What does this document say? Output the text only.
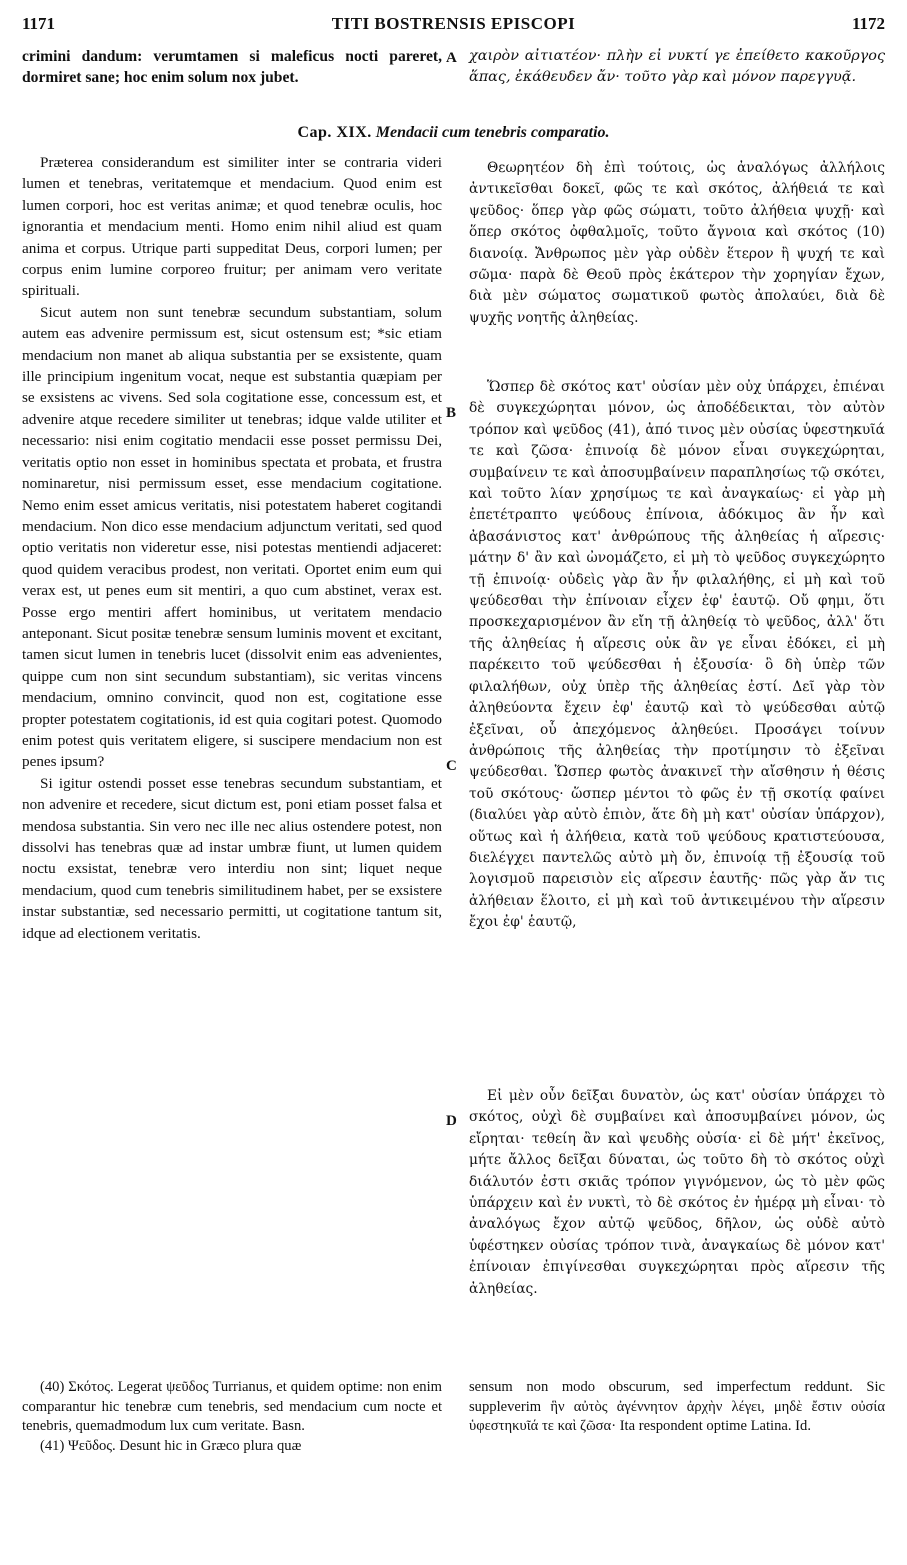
1171	TITI BOSTRENSIS EPISCOPI	1172

crimini dandum: verumtamen si maleficus nocti pareret, dormiret sane; hoc enim solum nox jubet.

χαιρὸν αἰτιατέον· πλὴν εἰ νυκτί γε ἐπείθετο κακοῦργος ἅπας, ἐκάθευδεν ἄν· τοῦτο γὰρ καὶ μόνον παρεγγυᾷ.

A
Cap. XIX. Mendacii cum tenebris comparatio.

Præterea considerandum est similiter inter se contraria videri lumen et tenebras, veritatemque et mendacium. Quod enim est lumen corpori, hoc est veritas animæ; et quod tenebræ oculis, hoc ignorantia et mendacium menti. Homo enim nihil aliud est quam anima et corpus. Utrique parti suppeditat Deus, corpori lumen; per corpus enim lumine corporeo fruitur; per animam vero veritate spirituali.

Sicut autem non sunt tenebræ secundum substantiam, solum autem eas advenire permissum est, sicut ostensum est; *sic etiam mendacium non manet ab aliqua substantia per se exsistente, quam ille principium ingenitum vocat, neque est substantia quæpiam per se exsistens ac vivens. Sed sola cogitatione esse, concessum est, et advenire atque recedere similiter ut tenebras; idque valde utiliter et necessario: nisi enim cogitatio mendacii esse posset permissu Dei, veritatis optio non esset in hominibus spectata et probata, et frustra nominaretur, nisi permissum esset, esse mendacium cogitatione. Nemo enim esset amicus veritatis, nisi potestatem haberet cogitandi mendacium. Non dico esse mendacium adjunctum veritati, sed quod optio veritatis non videretur esse, nisi potestas mentiendi adjaceret: quod quidem veracibus prodest, non veritati. Oportet enim eum qui verax est, ut penes eum sit mentiri, a quo cum abstinet, verax est. Posse ergo mentiri affert hominibus, ut veritatem mendacio anteponant. Sicut positæ tenebræ sensum luminis movent et excitant, tamen sicut lumen in tenebris lucet (dissolvit enim eas advenientes, quippe cum non sint secundum substantiam), sic veritas vincens mendacium, omnino convincit, quod non est, cogitatione esse propter potestatem cogitationis, id est quia cogitari potest. Quomodo enim potest quis veritatem eligere, si suscipere mendacium non est penes ipsum?

Si igitur ostendi posset esse tenebras secundum substantiam, et non advenire et recedere, sicut dictum est, poni etiam posset falsa et mendosa substantia. Sin vero nec ille nec alius ostendere potest, non dissolvi has tenebras quæ ad instar umbræ fiunt, ut lumen quidem noctu exsistat, tenebræ vero interdiu non sint; liquet neque mendacium, quod cum tenebris similitudinem habet, per se exsistere instar substantiæ, sed necessario permitti, ut cogitatione tantum sit, idque ad electionem veritatis.

Θεωρητέον δὴ ἐπὶ τούτοις, ὡς ἀναλόγως ἀλλήλοις ἀντικεῖσθαι δοκεῖ, φῶς τε καὶ σκότος, ἀλήθειά τε καὶ ψεῦδος· ὅπερ γὰρ φῶς σώματι, τοῦτο ἀλήθεια ψυχῇ· καὶ ὅπερ σκότος ὀφθαλμοῖς, τοῦτο ἄγνοια καὶ σκότος (10) διανοίᾳ. Ἄνθρωπος μὲν γὰρ οὐδὲν ἕτερον ἢ ψυχή τε καὶ σῶμα· παρὰ δὲ Θεοῦ πρὸς ἑκάτερον τὴν χορηγίαν ἔχων, διὰ μὲν σώματος σωματικοῦ φωτὸς ἀπολαύει, διὰ δὲ ψυχῆς νοητῆς ἀληθείας.

Ὥσπερ δὲ σκότος κατ' οὐσίαν μὲν οὐχ ὑπάρχει, ἐπιέναι δὲ συγκεχώρηται μόνον, ὡς ἀποδέδεικται, τὸν αὐτὸν τρόπον καὶ ψεῦδος (41), ἀπό τινος μὲν οὐσίας ὑφεστηκυῖά τε καὶ ζῶσα· ἐπινοίᾳ δὲ μόνον εἶναι συγκεχώρηται, συμβαίνειν τε καὶ ἀποσυμβαίνειν παραπλησίως τῷ σκότει, καὶ τοῦτο λίαν χρησίμως τε καὶ ἀναγκαίως· εἰ γὰρ μὴ ἐπετέτραπτο ψεύδους ἐπίνοια, ἀδόκιμος ἂν ἦν καὶ ἀβασάνιστος κατ' ἀνθρώπους τῆς ἀληθείας ἡ αἵρεσις· μάτην δ' ἂν καὶ ὠνομάζετο, εἰ μὴ τὸ ψεῦδος συγκεχώρητο τῇ ἐπινοίᾳ· οὐδεὶς γὰρ ἂν ἦν φιλαλήθης, εἰ μὴ καὶ τοῦ ψεύδεσθαι τὴν ἐπίνοιαν εἶχεν ἐφ' ἑαυτῷ. Οὔ φημι, ὅτι προσκεχαρισμένον ἂν εἴη τῇ ἀληθείᾳ τὸ ψεῦδος, ἀλλ' ὅτι τῆς ἀληθείας ἡ αἵρεσις οὐκ ἂν γε εἶναι ἐδόκει, εἰ μὴ παρέκειτο τοῦ ψεύδεσθαι ἡ ἐξουσία· ὃ δὴ ὑπὲρ τῶν φιλαλήθων, οὐχ ὑπὲρ τῆς ἀληθείας ἐστί. Δεῖ γὰρ τὸν ἀληθεύοντα ἔχειν ἐφ' ἑαυτῷ καὶ τὸ ψεύδεσθαι αὐτῷ ἐξεῖναι, οὗ ἀπεχόμενος ἀληθεύει. Προσάγει τοίνυν ἀνθρώποις τῆς ἀληθείας τὴν προτίμησιν τὸ ἐξεῖναι ψεύδεσθαι. Ὥσπερ φωτὸς ἀνακινεῖ τὴν αἴσθησιν ἡ θέσις τοῦ σκότους· ὥσπερ μέντοι τὸ φῶς ἐν τῇ σκοτίᾳ φαίνει (διαλύει γὰρ αὐτὸ ἐπιὸν, ἅτε δὴ μὴ κατ' οὐσίαν ὑπάρχον), οὕτως καὶ ἡ ἀλήθεια, κατὰ τοῦ ψεύδους κρατιστεύουσα, διελέγχει παντελῶς αὐτὸ μὴ ὄν, ἐπινοίᾳ τῇ ἐξουσίᾳ τοῦ λογισμοῦ παρεισιὸν εἰς αἵρεσιν ἑαυτῆς· πῶς γὰρ ἄν τις ἀλήθειαν ἕλοιτο, εἰ μὴ καὶ τοῦ ἀντικειμένου τὴν αἵρεσιν ἔχοι ἐφ' ἑαυτῷ,

Εἰ μὲν οὖν δεῖξαι δυνατὸν, ὡς κατ' οὐσίαν ὑπάρχει τὸ σκότος, οὐχὶ δὲ συμβαίνει καὶ ἀποσυμβαίνει μόνον, ὡς εἴρηται· τεθείη ἂν καὶ ψευδὴς οὐσία· εἰ δὲ μήτ' ἐκεῖνος, μήτε ἄλλος δεῖξαι δύναται, ὡς τοῦτο δὴ τὸ σκότος οὐχὶ διάλυτόν ἐστι σκιᾶς τρόπον γιγνόμενον, ὡς τὸ μὲν φῶς ὑπάρχειν καὶ ἐν νυκτὶ, τὸ δὲ σκότος ἐν ἡμέρᾳ μὴ εἶναι· τὸ ἀναλόγως ἔχον αὐτῷ ψεῦδος, δῆλον, ὡς οὐδὲ αὐτὸ ὑφέστηκεν οὐσίας τρόπον τινὰ, ἀναγκαίως δὲ μόνον κατ' ἐπίνοιαν ἐπιγίνεσθαι συγκεχώρηται πρὸς αἵρεσιν τῆς ἀληθείας.

B
C
D

(40) Σκότος. Legerat ψεῦδος Turrianus, et quidem optime: non enim comparantur hic tenebræ cum tenebris, sed mendacium cum nocte et tenebris, quemadmodum lux cum veritate. Basn.

(41) Ψεῦδος. Desunt hic in Græco plura quæ

sensum non modo obscurum, sed imperfectum reddunt. Sic suppleverim ἣν αὐτὸς ἀγέννητον ἀρχὴν λέγει, μηδὲ ἔστιν οὐσία ὑφεστηκυῖά τε καὶ ζῶσα· Ita respondent optime Latina. Id.
